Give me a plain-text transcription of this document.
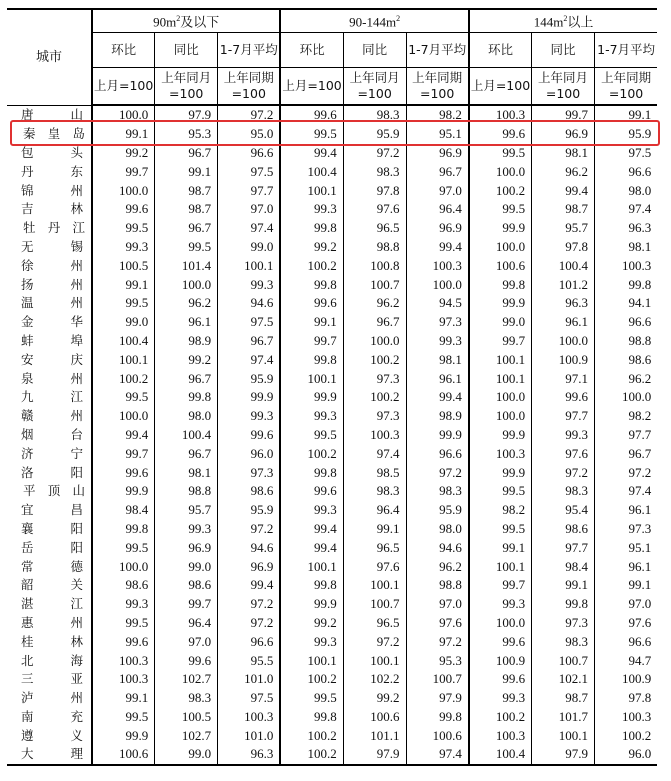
城市	$90m^2$及以下			$90-144m^2$			$144m^2$以上		
	环比	同比	1-7月平均	环比	同比	1-7月平均	环比	同比	1-7月平均
	上月=100	上年同月=100	上年同期=100	上月=100	上年同月=100	上年同期=100	上月=100	上年同月=100	上年同期=100

唐 山	100.0	97.9	97.2	99.6	98.3	98.2	100.3	99.7	99.1

秦 皇 岛	99.1	95.3	95.0	99.5	95.9	95.1	99.6	96.9	95.9

包 头	99.2	96.7	96.6	99.4	97.2	96.9	99.5	98.1	97.5

丹 东	99.7	99.1	97.5	100.4	98.3	96.7	100.0	96.2	96.6

锦 州	100.0	98.7	97.7	100.1	97.8	97.0	100.2	99.4	98.0

吉 林	99.6	98.7	97.0	99.3	97.6	96.4	99.5	98.7	97.4

牡 丹 江	99.5	96.7	97.4	99.8	96.5	96.9	99.9	95.7	96.3

无 锡	99.3	99.5	99.0	99.2	98.8	99.4	100.0	97.8	98.1

徐 州	100.5	101.4	100.1	100.2	100.8	100.3	100.6	100.4	100.3

扬 州	99.1	100.0	99.3	99.8	100.7	100.0	99.8	101.2	99.8

温 州	99.5	96.2	94.6	99.6	96.2	94.5	99.9	96.3	94.1

金 华	99.0	96.1	97.5	99.1	96.7	97.3	99.0	96.1	96.6

蚌 埠	100.4	98.9	96.7	99.7	100.0	99.3	99.7	100.0	98.8

安 庆	100.1	99.2	97.4	99.8	100.2	98.1	100.1	100.9	98.6

泉 州	100.2	96.7	95.9	100.1	97.3	96.1	100.1	97.1	96.2

九 江	99.5	99.8	99.9	99.9	100.2	99.4	100.0	99.6	100.0

赣 州	100.0	98.0	99.3	99.3	97.3	98.9	100.0	97.7	98.2

烟 台	99.4	100.4	99.6	99.5	100.3	99.9	99.9	99.3	97.7

济 宁	99.7	96.7	96.0	100.2	97.4	96.6	100.3	97.6	96.7

洛 阳	99.6	98.1	97.3	99.8	98.5	97.2	99.9	97.2	97.2

平 顶 山	99.9	98.8	98.6	99.6	98.3	98.3	99.5	98.3	97.4

宜 昌	98.4	95.7	95.9	99.3	96.4	95.9	98.2	95.4	96.1

襄 阳	99.8	99.3	97.2	99.4	99.1	98.0	99.5	98.6	97.3

岳 阳	99.5	96.9	94.6	99.4	96.5	94.6	99.1	97.7	95.1

常 德	100.0	99.0	96.9	100.1	97.6	96.2	100.1	98.4	96.1

韶 关	98.6	98.6	99.4	99.8	100.1	98.8	99.7	99.1	99.1

湛 江	99.3	99.7	97.2	99.9	100.7	97.0	99.3	99.8	97.0

惠 州	99.5	96.4	97.2	99.2	96.5	97.6	100.0	97.3	97.6

桂 林	99.6	97.0	96.6	99.3	97.2	97.2	99.6	98.3	96.6

北 海	100.3	99.6	95.5	100.1	100.1	95.3	100.9	100.7	94.7

三 亚	100.3	102.7	101.0	100.2	102.2	100.7	99.6	102.1	100.9

泸 州	99.1	98.3	97.5	99.5	99.2	97.9	99.3	98.7	97.8

南 充	99.5	100.5	100.3	99.8	100.6	99.8	100.2	101.7	100.3

遵 义	99.9	102.7	101.0	100.2	101.1	100.6	100.3	100.1	100.2

大 理	100.6	99.0	96.3	100.2	97.9	97.4	100.4	97.9	96.0
